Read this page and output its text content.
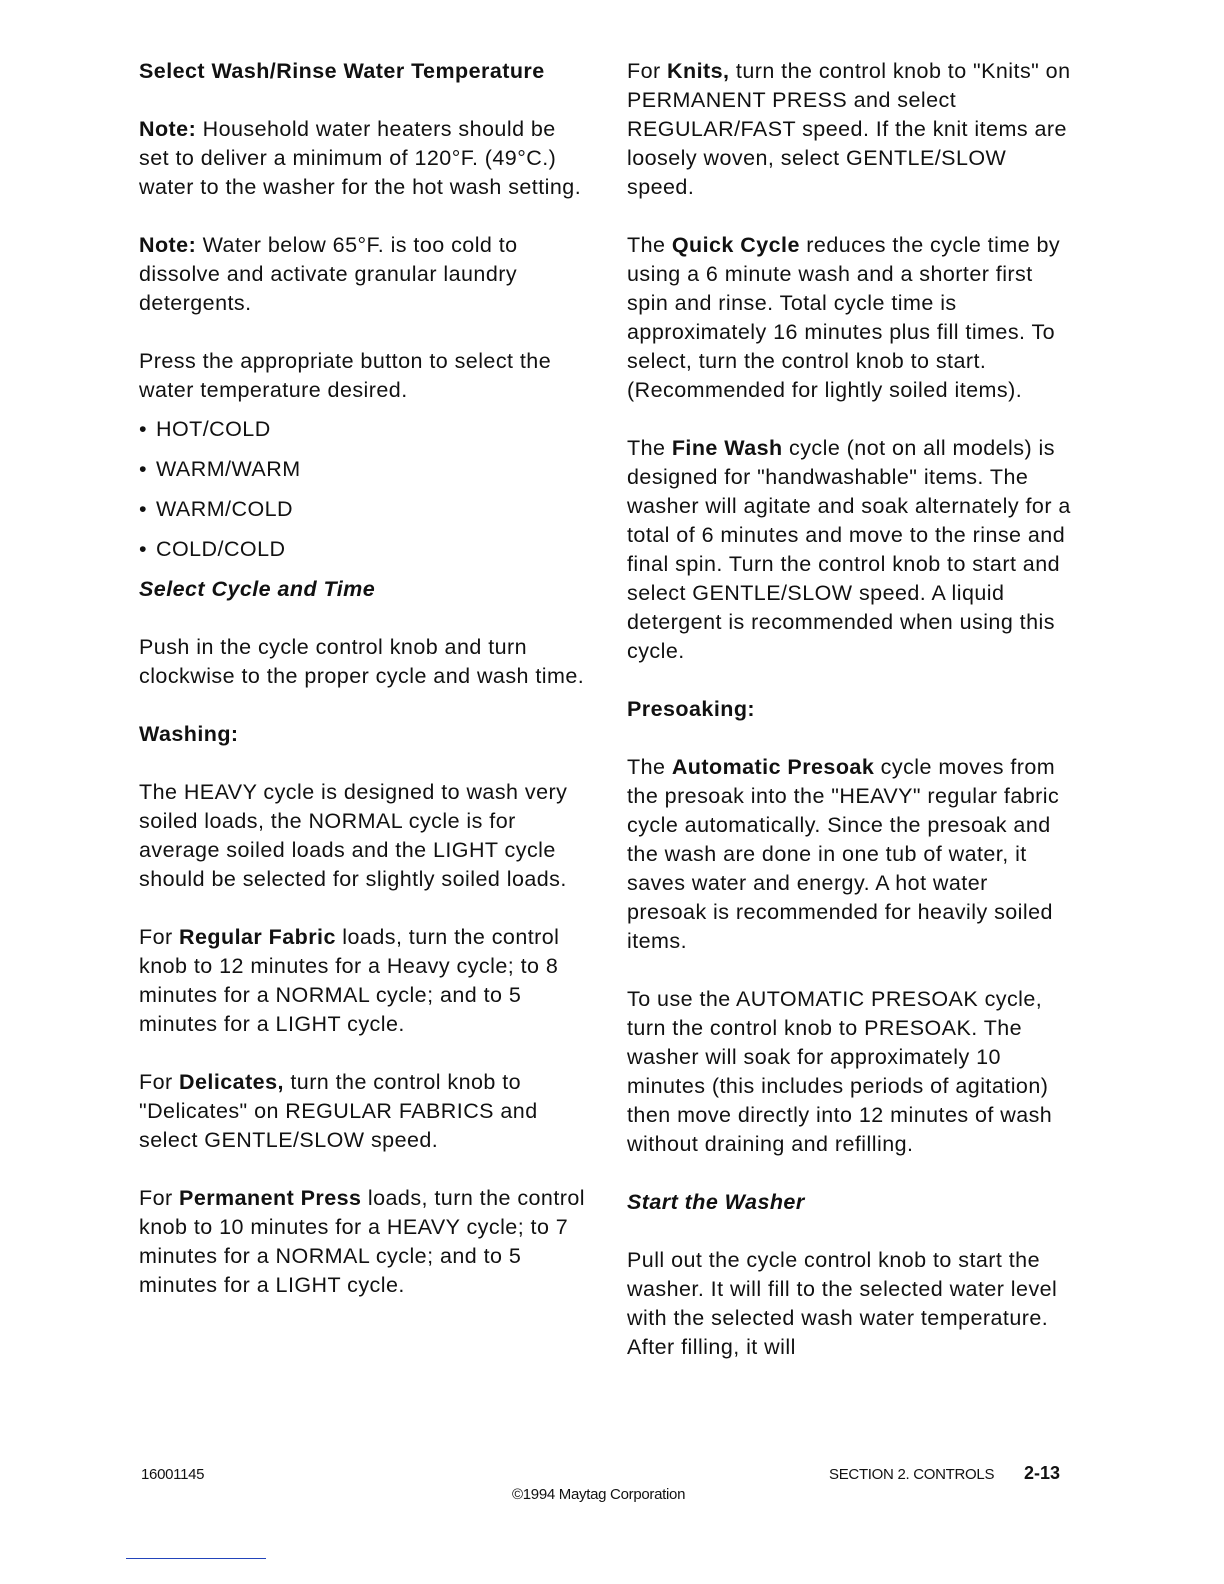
Select Wash/Rinse Water Temperature

Note: Household water heaters should be set to deliver a minimum of 120°F. (49°C.) water to the washer for the hot wash setting.

Note: Water below 65°F. is too cold to dissolve and activate granular laundry detergents.

Press the appropriate button to select the water temperature desired.

• HOT/COLD
• WARM/WARM
• WARM/COLD
• COLD/COLD

Select Cycle and Time

Push in the cycle control knob and turn clockwise to the proper cycle and wash time.

Washing:

The HEAVY cycle is designed to wash very soiled loads, the NORMAL cycle is for average soiled loads and the LIGHT cycle should be selected for slightly soiled loads.

For Regular Fabric loads, turn the control knob to 12 minutes for a Heavy cycle; to 8 minutes for a NORMAL cycle; and to 5 minutes for a LIGHT cycle.

For Delicates, turn the control knob to "Delicates" on REGULAR FABRICS and select GENTLE/SLOW speed.

For Permanent Press loads, turn the control knob to 10 minutes for a HEAVY cycle; to 7 minutes for a NORMAL cycle; and to 5 minutes for a LIGHT cycle.

For Knits, turn the control knob to "Knits" on PERMANENT PRESS and select REGULAR/FAST speed. If the knit items are loosely woven, select GENTLE/SLOW speed.

The Quick Cycle reduces the cycle time by using a 6 minute wash and a shorter first spin and rinse. Total cycle time is approximately 16 minutes plus fill times. To select, turn the control knob to start. (Recommended for lightly soiled items).

The Fine Wash cycle (not on all models) is designed for "handwashable" items. The washer will agitate and soak alternately for a total of 6 minutes and move to the rinse and final spin. Turn the control knob to start and select GENTLE/SLOW speed. A liquid detergent is recommended when using this cycle.

Presoaking:

The Automatic Presoak cycle moves from the presoak into the "HEAVY" regular fabric cycle automatically. Since the presoak and the wash are done in one tub of water, it saves water and energy. A hot water presoak is recommended for heavily soiled items.

To use the AUTOMATIC PRESOAK cycle, turn the control knob to PRESOAK. The washer will soak for approximately 10 minutes (this includes periods of agitation) then move directly into 12 minutes of wash without draining and refilling.

Start the Washer

Pull out the cycle control knob to start the washer. It will fill to the selected water level with the selected wash water temperature. After filling, it will

16001145
©1994 Maytag Corporation
SECTION 2. CONTROLS 2-13
